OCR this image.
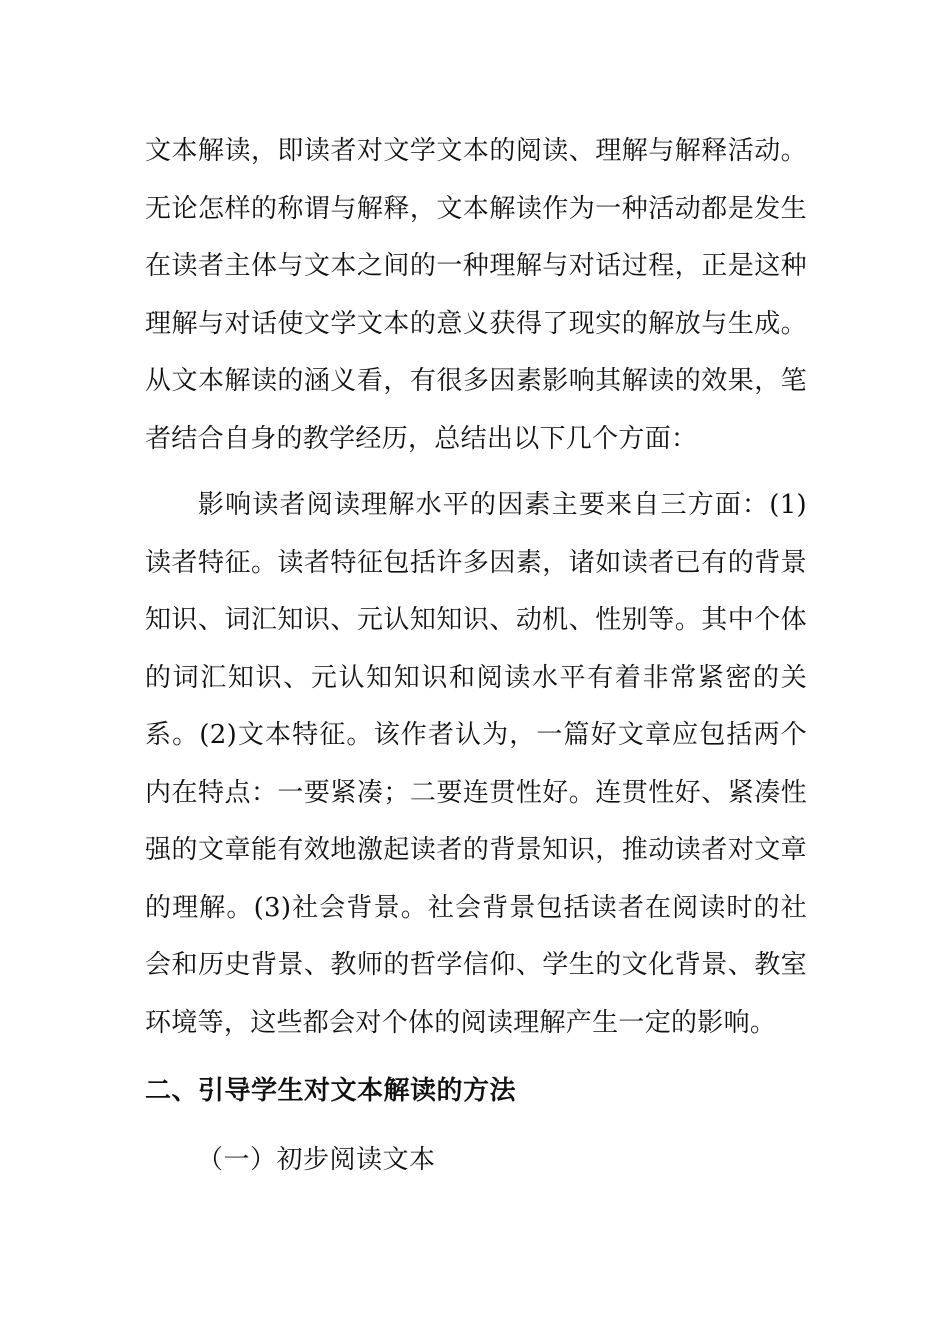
文本解读，即读者对文学文本的阅读、理解与解释活动。无论怎样的称谓与解释，文本解读作为一种活动都是发生在读者主体与文本之间的一种理解与对话过程，正是这种理解与对话使文学文本的意义获得了现实的解放与生成。从文本解读的涵义看，有很多因素影响其解读的效果，笔者结合自身的教学经历，总结出以下几个方面：
影响读者阅读理解水平的因素主要来自三方面：(1)读者特征。读者特征包括许多因素，诸如读者已有的背景知识、词汇知识、元认知知识、动机、性别等。其中个体的词汇知识、元认知知识和阅读水平有着非常紧密的关系。(2)文本特征。该作者认为，一篇好文章应包括两个内在特点：一要紧凑；二要连贯性好。连贯性好、紧凑性强的文章能有效地激起读者的背景知识，推动读者对文章的理解。(3)社会背景。社会背景包括读者在阅读时的社会和历史背景、教师的哲学信仰、学生的文化背景、教室环境等，这些都会对个体的阅读理解产生一定的影响。
二、引导学生对文本解读的方法
（一）初步阅读文本
